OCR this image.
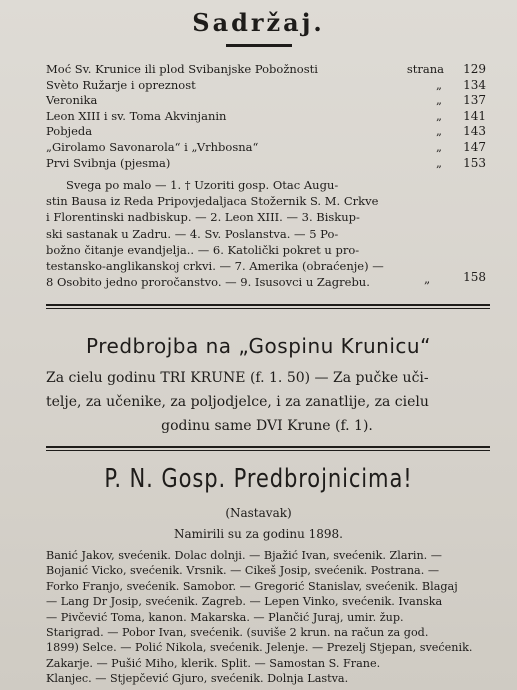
Sadržaj.
Moć Sv. Krunice ili plod Svibanjske Pobožnosti	strana	129
Svèto Ružarje i opreznost	„	134
Veronika	„	137
Leon XIII i sv. Toma Akvinjanin	„	141
Pobjeda	„	143
„Girolamo Savonarola“ i „Vrhbosna“	„	147
Prvi Svibnja (pjesma)	„	153
Svega po malo — 1. † Uzoriti gosp. Otac Augu-
stin Bausa iz Reda Pripovjedaljaca Stožernik S. M. Crkve
i Florentinski nadbiskup. — 2. Leon XIII. — 3. Biskup-
ski sastanak u Zadru. — 4. Sv. Poslanstva. — 5 Po-
božno čitanje evandjelja.. — 6. Katolički pokret u pro-
testansko-anglikanskoj crkvi. — 7. Amerika (obraćenje) —
8 Osobito jedno proročanstvo. — 9. Isusovci u Zagrebu.	„	158
Predbrojba na „Gospinu Krunicu“
Za cielu godinu TRI KRUNE (f. 1. 50) — Za pučke uči-
telje, za učenike, za poljodjelce, i za zanatlije, za cielu
godinu same DVI Krune (f. 1).
P. N. Gosp. Predbrojnicima!
(Nastavak)
Namirili su za godinu 1898.

Banić Jakov, svećenik. Dolac dolnji. — Bjažić Ivan, svećenik. Zlarin. —

Bojanić Vicko, svećenik. Vrsnik. — Cikeš Josip, svećenik. Postrana. —

Forko Franjo, svećenik. Samobor. — Gregorić Stanislav, svećenik. Blagaj

— Lang Dr Josip, svećenik. Zagreb. — Lepen Vinko, svećenik. Ivanska

— Pivčević Toma, kanon. Makarska. — Plančić Juraj, umir. žup.

Starigrad. — Pobor Ivan, svećenik. (suviše 2 krun. na račun za god.

1899) Selce. — Polić Nikola, svećenik. Jelenje. — Prezelj Stjepan, svećenik.

Zakarje. — Pušić Miho, klerik. Split. — Samostan S. Frane.

Klanjec. — Stjepčević Gjuro, svećenik. Dolnja Lastva.
